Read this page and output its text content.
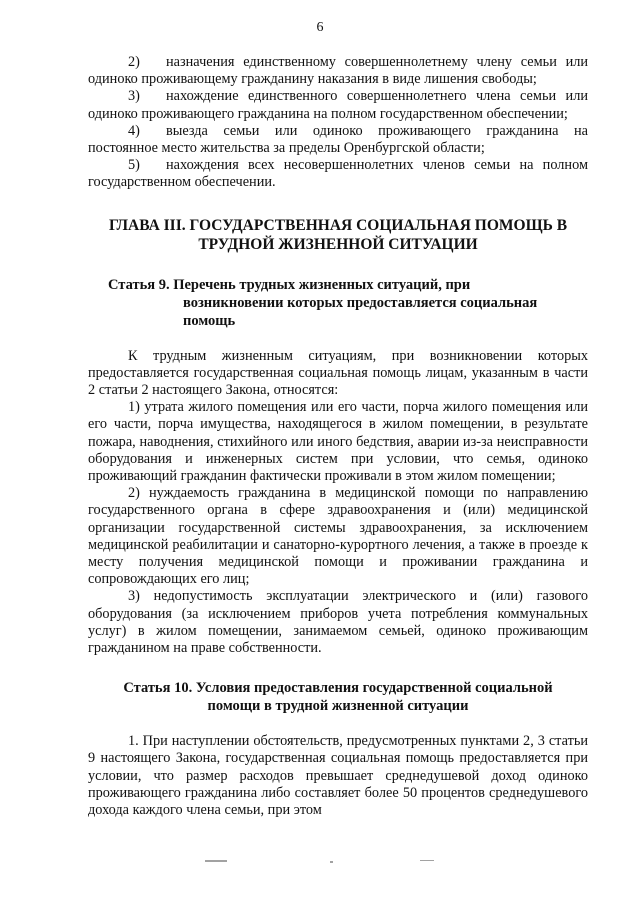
6

2) назначения единственному совершеннолетнему члену семьи или одиноко проживающему гражданину наказания в виде лишения свободы;

3) нахождение единственного совершеннолетнего члена семьи или одиноко проживающего гражданина на полном государственном обеспечении;

4) выезда семьи или одиноко проживающего гражданина на постоянное место жительства за пределы Оренбургской области;

5) нахождения всех несовершеннолетних членов семьи на полном государственном обеспечении.

ГЛАВА III. ГОСУДАРСТВЕННАЯ СОЦИАЛЬНАЯ ПОМОЩЬ В
ТРУДНОЙ ЖИЗНЕННОЙ СИТУАЦИИ
Статья 9. Перечень трудных жизненных ситуаций, при
возникновении которых предоставляется социальная помощь

К трудным жизненным ситуациям, при возникновении которых предоставляется государственная социальная помощь лицам, указанным в части 2 статьи 2 настоящего Закона, относятся:

1) утрата жилого помещения или его части, порча жилого помещения или его части, порча имущества, находящегося в жилом помещении, в результате пожара, наводнения, стихийного или иного бедствия, аварии из-за неисправности оборудования и инженерных систем при условии, что семья, одиноко проживающий гражданин фактически проживали в этом жилом помещении;

2) нуждаемость гражданина в медицинской помощи по направлению государственного органа в сфере здравоохранения и (или) медицинской организации государственной системы здравоохранения, за исключением медицинской реабилитации и санаторно-курортного лечения, а также в проезде к месту получения медицинской помощи и проживании гражданина и сопровождающих его лиц;

3) недопустимость эксплуатации электрического и (или) газового оборудования (за исключением приборов учета потребления коммунальных услуг) в жилом помещении, занимаемом семьей, одиноко проживающим гражданином на праве собственности.

Статья 10. Условия предоставления государственной социальной
помощи в трудной жизненной ситуации

1. При наступлении обстоятельств, предусмотренных пунктами 2, 3 статьи 9 настоящего Закона, государственная социальная помощь предоставляется при условии, что размер расходов превышает среднедушевой доход одиноко проживающего гражданина либо составляет более 50 процентов среднедушевого дохода каждого члена семьи, при этом
